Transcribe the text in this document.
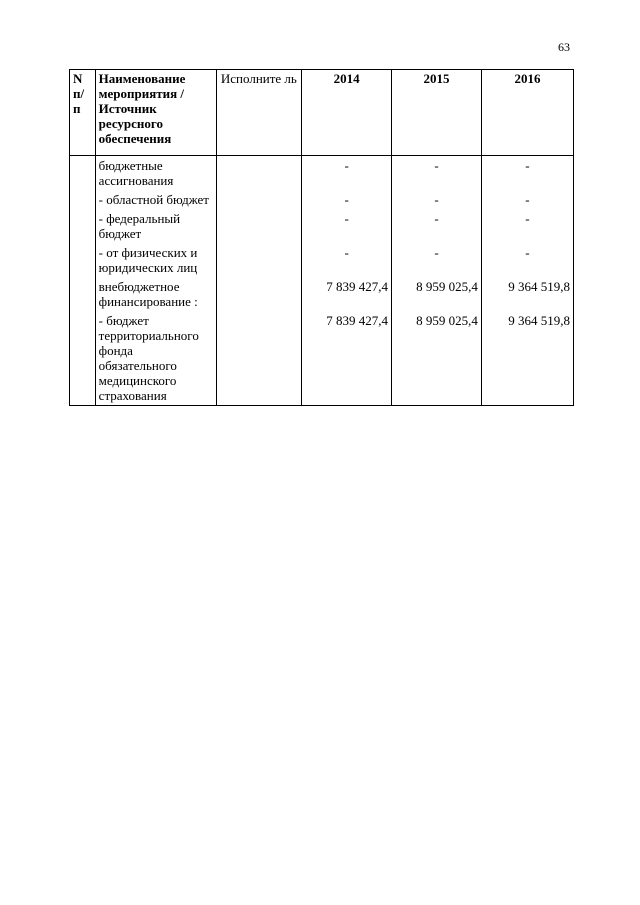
63
N п/ п	Наименование мероприятия / Источник ресурсного обеспечения	Исполните ль	2014	2015	2016
	бюджетные ассигнования		-	-	-
	- областной бюджет		-	-	-
	- федеральный бюджет		-	-	-
	- от физических и юридических лиц		-	-	-
	внебюджетное финансирование :		7 839 427,4	8 959 025,4	9 364 519,8
	- бюджет территориального фонда обязательного медицинского страхования		7 839 427,4	8 959 025,4	9 364 519,8
